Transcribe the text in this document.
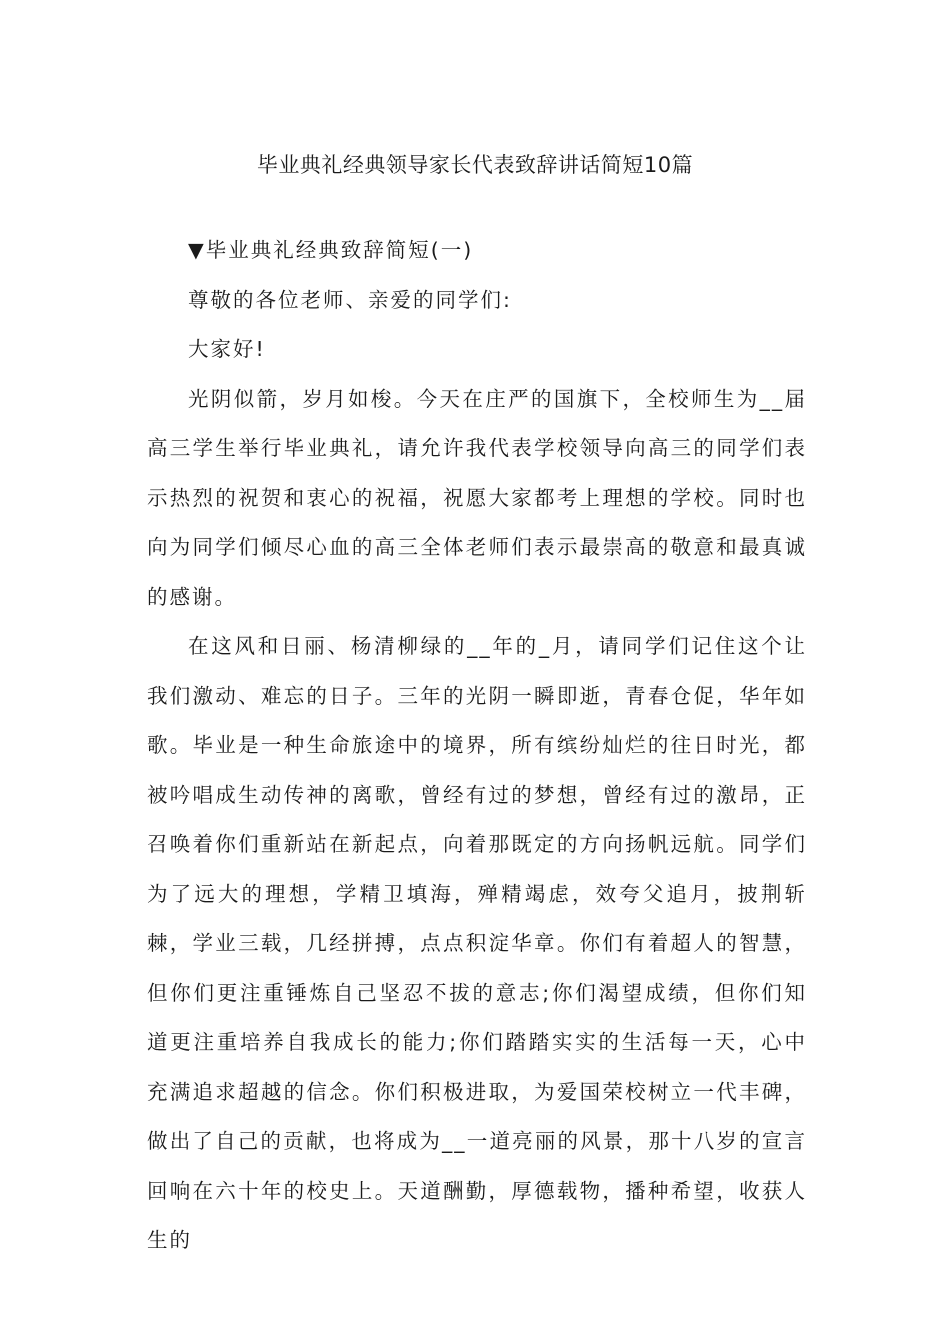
毕业典礼经典领导家长代表致辞讲话简短10篇

▼毕业典礼经典致辞简短(一)

尊敬的各位老师、亲爱的同学们:

大家好!

光阴似箭，岁月如梭。今天在庄严的国旗下，全校师生为__届高三学生举行毕业典礼，请允许我代表学校领导向高三的同学们表示热烈的祝贺和衷心的祝福，祝愿大家都考上理想的学校。同时也向为同学们倾尽心血的高三全体老师们表示最崇高的敬意和最真诚的感谢。

在这风和日丽、杨清柳绿的__年的_月，请同学们记住这个让我们激动、难忘的日子。三年的光阴一瞬即逝，青春仓促，华年如歌。毕业是一种生命旅途中的境界，所有缤纷灿烂的往日时光，都被吟唱成生动传神的离歌，曾经有过的梦想，曾经有过的激昂，正召唤着你们重新站在新起点，向着那既定的方向扬帆远航。同学们为了远大的理想，学精卫填海，殚精竭虑，效夸父追月，披荆斩棘，学业三载，几经拼搏，点点积淀华章。你们有着超人的智慧，但你们更注重锤炼自己坚忍不拔的意志;你们渴望成绩，但你们知道更注重培养自我成长的能力;你们踏踏实实的生活每一天，心中充满追求超越的信念。你们积极进取，为爱国荣校树立一代丰碑，做出了自己的贡献，也将成为__一道亮丽的风景，那十八岁的宣言回响在六十年的校史上。天道酬勤，厚德载物，播种希望，收获人生的
